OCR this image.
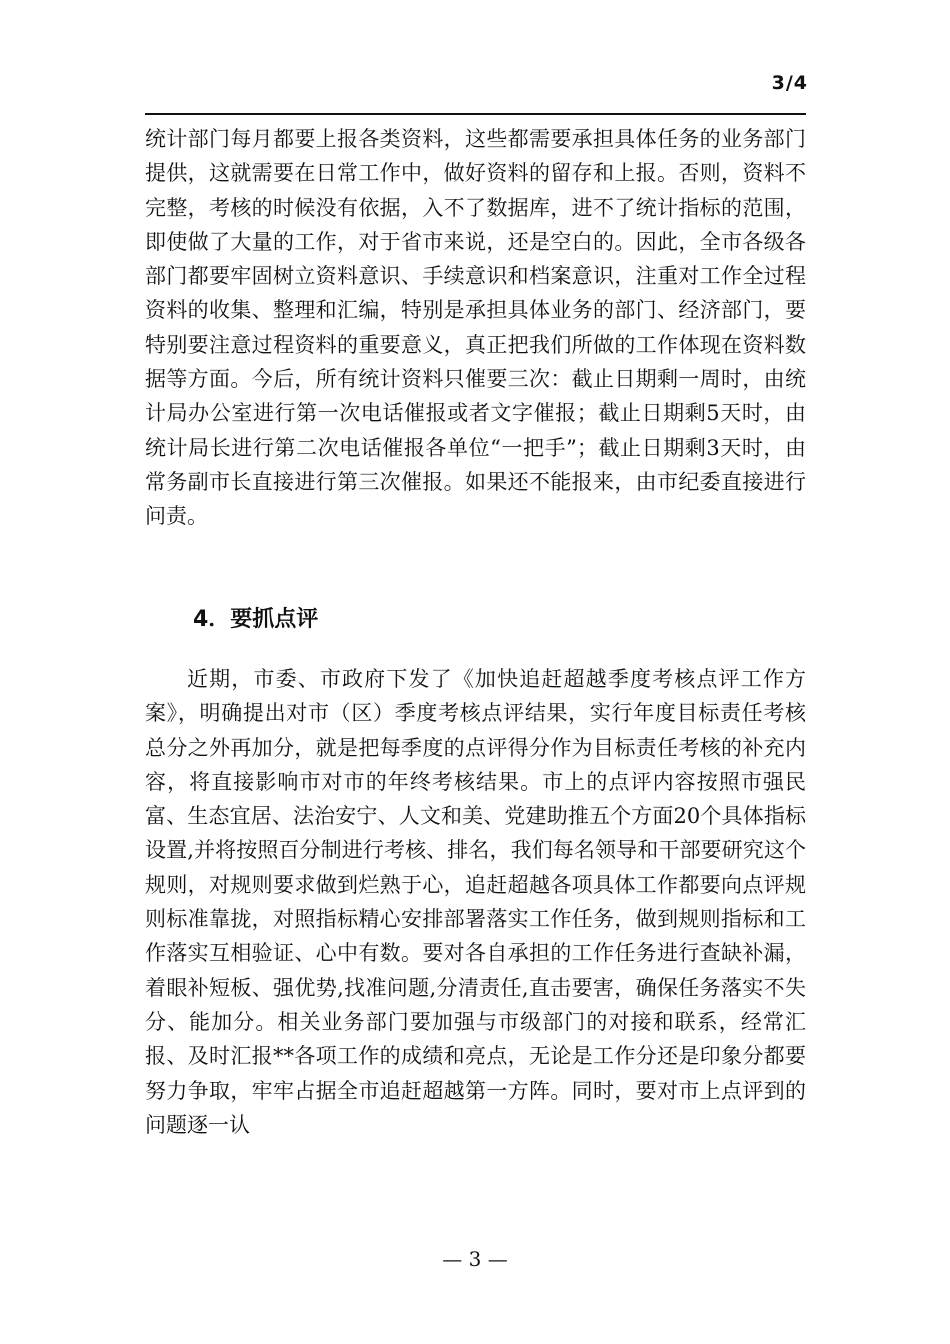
3/4

统计部门每月都要上报各类资料，这些都需要承担具体任务的业务部门提供，这就需要在日常工作中，做好资料的留存和上报。否则，资料不完整，考核的时候没有依据，入不了数据库，进不了统计指标的范围，即使做了大量的工作，对于省市来说，还是空白的。因此，全市各级各部门都要牢固树立资料意识、手续意识和档案意识，注重对工作全过程资料的收集、整理和汇编，特别是承担具体业务的部门、经济部门，要特别要注意过程资料的重要意义，真正把我们所做的工作体现在资料数据等方面。今后，所有统计资料只催要三次：截止日期剩一周时，由统计局办公室进行第一次电话催报或者文字催报；截止日期剩5天时，由统计局长进行第二次电话催报各单位“一把手”；截止日期剩3天时，由常务副市长直接进行第三次催报。如果还不能报来，由市纪委直接进行问责。

4．要抓点评

近期，市委、市政府下发了《加快追赶超越季度考核点评工作方案》，明确提出对市（区）季度考核点评结果，实行年度目标责任考核总分之外再加分，就是把每季度的点评得分作为目标责任考核的补充内容，将直接影响市对市的年终考核结果。市上的点评内容按照市强民富、生态宜居、法治安宁、人文和美、党建助推五个方面20个具体指标设置,并将按照百分制进行考核、排名，我们每名领导和干部要研究这个规则，对规则要求做到烂熟于心，追赶超越各项具体工作都要向点评规则标准靠拢，对照指标精心安排部署落实工作任务，做到规则指标和工作落实互相验证、心中有数。要对各自承担的工作任务进行查缺补漏，着眼补短板、强优势,找准问题,分清责任,直击要害，确保任务落实不失分、能加分。相关业务部门要加强与市级部门的对接和联系，经常汇报、及时汇报**各项工作的成绩和亮点，无论是工作分还是印象分都要努力争取，牢牢占据全市追赶超越第一方阵。同时，要对市上点评到的问题逐一认

— 3 —
